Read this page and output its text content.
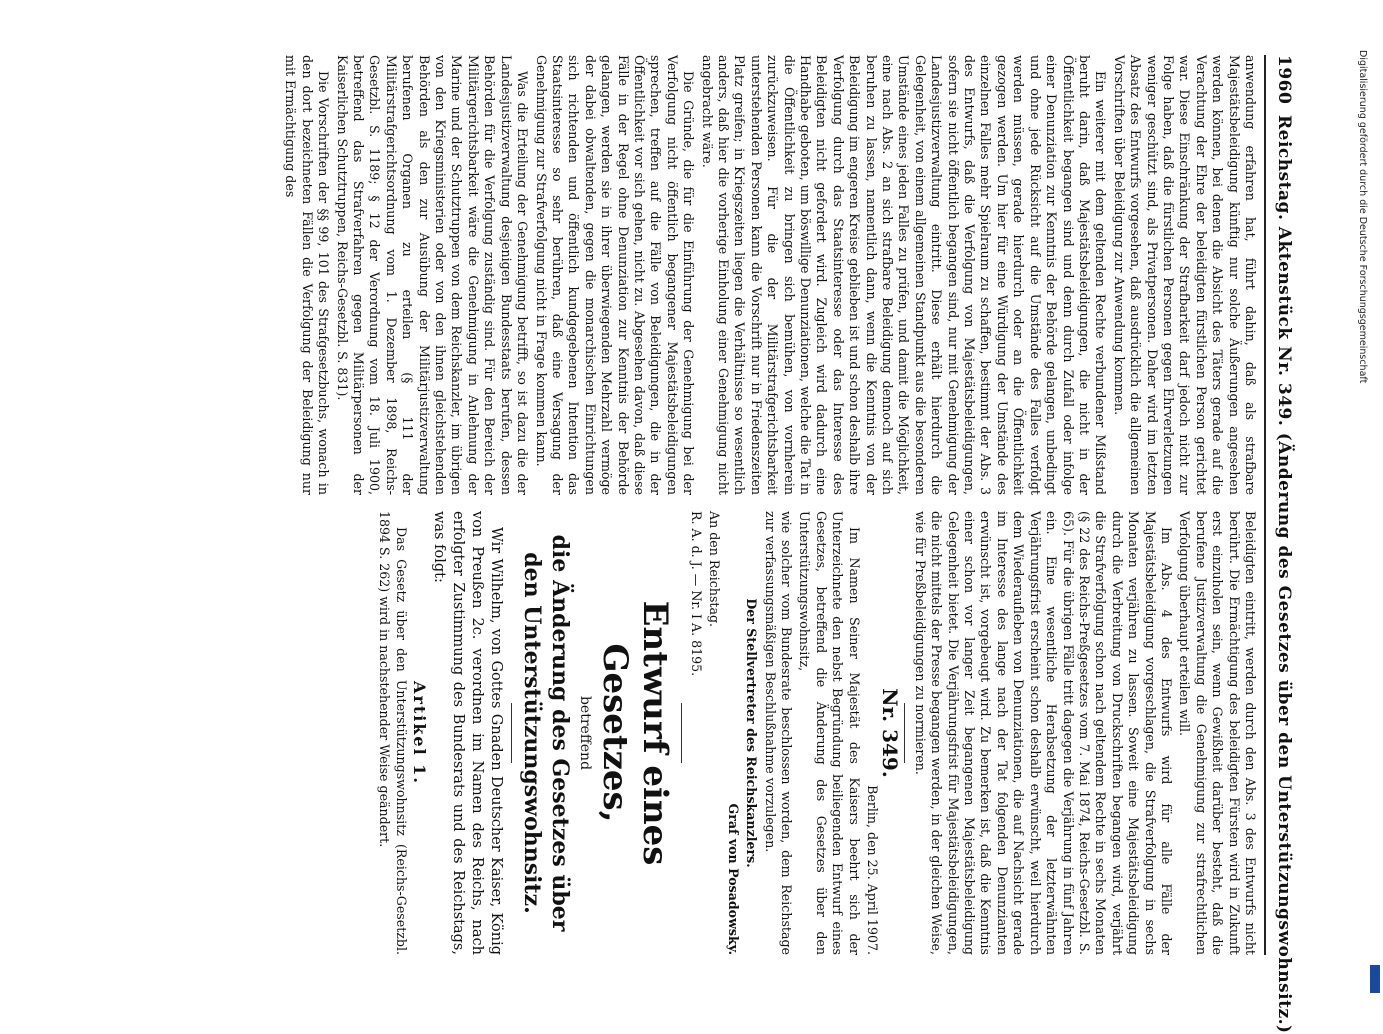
1960
Reichstag. Aktenstück Nr. 349. (Änderung des Gesetzes über den Unterstützungswohnsitz.)

anwendung erfahren hat, führt dahin, daß als strafbare Majestätsbeleidigung künftig nur solche Äußerungen angesehen werden können, bei denen die Absicht des Täters gerade auf die Verachtung der Ehre der beleidigten fürstlichen Person gerichtet war. Diese Einschränkung der Strafbarkeit darf jedoch nicht zur Folge haben, daß die fürstlichen Personen gegen Ehrverletzungen weniger geschützt sind, als Privatpersonen. Daher wird im letzten Absatz des Entwurfs vorgesehen, daß ausdrücklich die allgemeinen Vorschriften über Beleidigung zur Anwendung kommen.

Ein weiterer mit dem geltenden Rechte verbundener Mißstand beruht darin, daß Majestätsbeleidigungen, die nicht in der Öffentlichkeit begangen sind und denn durch Zufall oder infolge einer Denunziation zur Kenntnis der Behörde gelangen, unbedingt und ohne jede Rücksicht auf die Umstände des Falles verfolgt werden müssen, gerade hierdurch oder an die Öffentlichkeit gezogen werden. Um hier für eine Würdigung der Umstände des einzelnen Falles mehr Spielraum zu schaffen, bestimmt der Abs. 3 des Entwurfs, daß die Verfolgung von Majestätsbeleidigungen, sofern sie nicht öffentlich begangen sind, nur mit Genehmigung der Landesjustizverwaltung eintritt. Diese erhält hierdurch die Gelegenheit, von einem allgemeinen Standpunkt aus die besonderen Umstände eines jeden Falles zu prüfen, und damit die Möglichkeit, eine nach Abs. 2 an sich strafbare Beleidigung dennoch auf sich beruhen zu lassen, namentlich dann, wenn die Kenntnis von der Beleidigung im engeren Kreise geblieben ist und schon deshalb ihre Verfolgung durch das Staatsinteresse oder das Interesse des Beleidigten nicht gefordert wird. Zugleich wird dadurch eine Handhabe geboten, um böswillige Denunziationen, welche die Tat in die Öffentlichkeit zu bringen sich bemühen, von vornherein zurückzuweisen. Für die der Militärstrafgerichtsbarkeit unterstehenden Personen kann die Vorschrift nur in Friedenszeiten Platz greifen; in Kriegszeiten liegen die Verhältnisse so wesentlich anders, daß hier die vorherige Einholung einer Genehmigung nicht angebracht wäre.

Die Gründe, die für die Einführung der Genehmigung bei der Verfolgung nicht öffentlich begangener Majestätsbeleidigungen sprechen, treffen auf die Fälle von Beleidigungen, die in der Öffentlichkeit vor sich gehen, nicht zu. Abgesehen davon, daß diese Fälle in der Regel ohne Denunziation zur Kenntnis der Behörde gelangen, werden sie in ihrer überwiegenden Mehrzahl vermöge der dabei obwaltenden, gegen die monarchischen Einrichtungen sich richtenden und öffentlich kundgegebenen Intention das Staatsinteresse so sehr berühren, daß eine Versagung der Genehmigung zur Strafverfolgung nicht in Frage kommen kann.

Was die Erteilung der Genehmigung betrifft, so ist dazu die der Landesjustizverwaltung desjenigen Bundesstaats berufen, dessen Behörden für die Verfolgung zuständig sind. Für den Bereich der Militärgerichtsbarkeit wäre die Genehmigung in Anlehnung der Marine und der Schutztruppen von dem Reichskanzler, im übrigen von den Kriegsministerien oder von den ihnen gleichstehenden Behörden als den zur Ausübung der Militärjustizverwaltung berufenen Organen zu erteilen (§ 111 der Militärstrafgerichtsordnung vom 1. Dezember 1898, Reichs-Gesetzbl. S. 1189; § 12 der Verordnung vom 18. Juli 1900, betreffend das Strafverfahren gegen Militärpersonen der Kaiserlichen Schutztruppen, Reichs-Gesetzbl. S. 831).

Die Vorschriften der §§ 99, 101 des Strafgesetzbuchs, wonach in den dort bezeichneten Fällen die Verfolgung der Beleidigung nur mit Ermächtigung des

Beleidigten eintritt, werden durch den Abs. 3 des Entwurfs nicht berührt. Die Ermächtigung des beleidigten Fürsten wird in Zukunft erst einzuholen sein, wenn Gewißheit darüber besteht, daß die berufene Justizverwaltung die Genehmigung zur strafrechtlichen Verfolgung überhaupt erteilen will.

Im Abs. 4 des Entwurfs wird für alle Fälle der Majestätsbeleidigung vorgeschlagen, die Strafverfolgung in sechs Monaten verjähren zu lassen. Soweit eine Majestätsbeleidigung durch die Verbreitung von Druckschriften begangen wird, verjährt die Strafverfolgung schon nach geltendem Rechte in sechs Monaten (§ 22 des Reichs-Preßgesetzes vom 7. Mai 1874, Reichs-Gesetzbl. S. 65). Für die übrigen Fälle tritt dagegen die Verjährung in fünf Jahren ein. Eine wesentliche Herabsetzung der letzterwähnten Verjährungsfrist erscheint schon deshalb erwünscht, weil hierdurch dem Wiederaufleben von Denunziationen, die auf Nachsicht gerade im Interesse des lange nach der Tat folgenden Denunzianten erwünscht ist, vorgebeugt wird. Zu bemerken ist, daß die Kenntnis einer schon vor langer Zeit begangenen Majestätsbeleidigung Gelegenheit bietet. Die Verjährungsfrist für Majestätsbeleidigungen, die nicht mittels der Presse begangen werden, in der gleichen Weise, wie für Preßbeleidigungen zu normieren.

Nr. 349.

Berlin, den 25. April 1907.

Im Namen Seiner Majestät des Kaisers beehrt sich der Unterzeichnete den nebst Begründung beiliegenden Entwurf eines Gesetzes, betreffend die Änderung des Gesetzes über den Unterstützungswohnsitz,

wie solcher vom Bundesrate beschlossen worden, dem Reichstage zur verfassungsmäßigen Beschlußnahme vorzulegen.

Der Stellvertreter des Reichskanzlers.

Graf von Posadowsky.

An den Reichstag.

R. A. d. J. — Nr. I A. 8195.

Entwurf eines Gesetzes,

betreffend

die Änderung des Gesetzes über den Unterstützungswohnsitz.

Wir Wilhelm, von Gottes Gnaden Deutscher Kaiser, König von Preußen 2c. verordnen im Namen des Reichs, nach erfolgter Zustimmung des Bundesrats und des Reichstags, was folgt:

Artikel 1.

Das Gesetz über den Unterstützungswohnsitz (Reichs-Gesetzbl. 1894 S. 262) wird in nachstehender Weise geändert.

Digitalisierung gefördert durch die Deutsche Forschungsgemeinschaft
